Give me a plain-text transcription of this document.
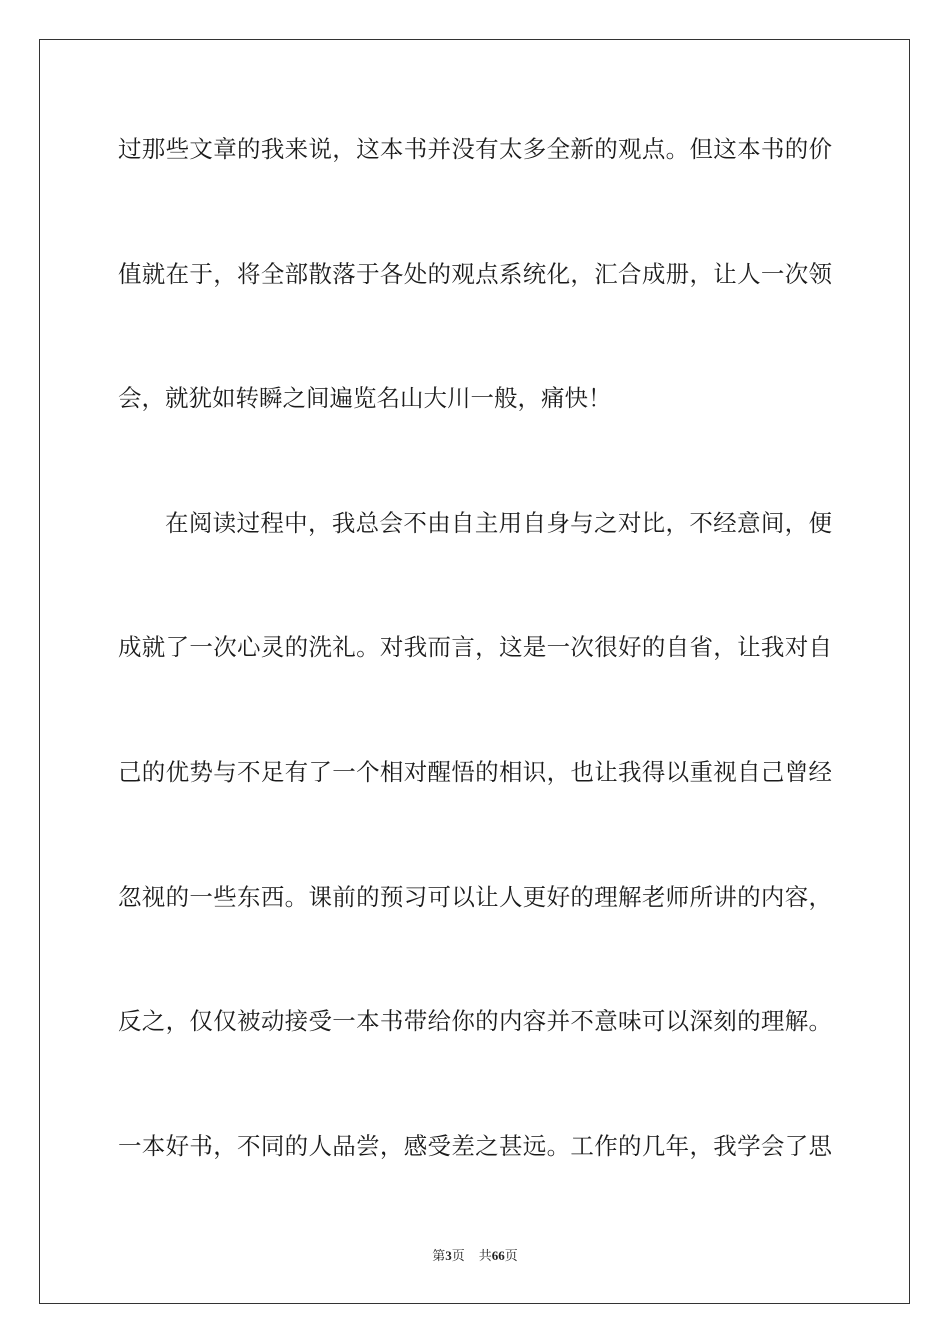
过那些文章的我来说，这本书并没有太多全新的观点。但这本书的价
值就在于，将全部散落于各处的观点系统化，汇合成册，让人一次领
会，就犹如转瞬之间遍览名山大川一般，痛快！
在阅读过程中，我总会不由自主用自身与之对比，不经意间，便
成就了一次心灵的洗礼。对我而言，这是一次很好的自省，让我对自
己的优势与不足有了一个相对醒悟的相识，也让我得以重视自己曾经
忽视的一些东西。课前的预习可以让人更好的理解老师所讲的内容，
反之，仅仅被动接受一本书带给你的内容并不意味可以深刻的理解。
一本好书，不同的人品尝，感受差之甚远。工作的几年，我学会了思
第3页 共66页
